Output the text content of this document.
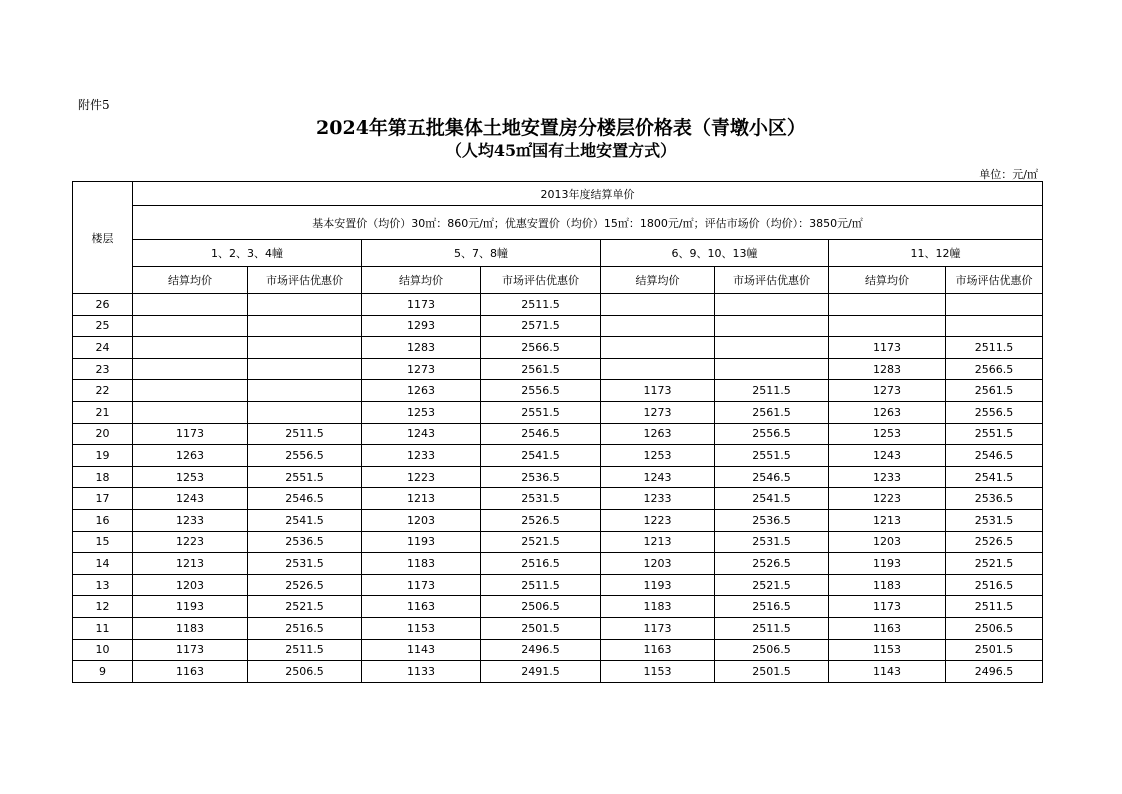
附件5
2024年第五批集体土地安置房分楼层价格表（青墩小区）
（人均45㎡国有土地安置方式）
单位：元/㎡
楼层	2013年度结算单价							
	基本安置价（均价）30㎡：860元/㎡；优惠安置价（均价）15㎡：1800元/㎡；评估市场价（均价）：3850元/㎡							
	1、2、3、4幢		5、7、8幢		6、9、10、13幢		11、12幢	
	结算均价	市场评估优惠价	结算均价	市场评估优惠价	结算均价	市场评估优惠价	结算均价	市场评估优惠价
26			1173	2511.5				
25			1293	2571.5				
24			1283	2566.5			1173	2511.5
23			1273	2561.5			1283	2566.5
22			1263	2556.5	1173	2511.5	1273	2561.5
21			1253	2551.5	1273	2561.5	1263	2556.5
20	1173	2511.5	1243	2546.5	1263	2556.5	1253	2551.5
19	1263	2556.5	1233	2541.5	1253	2551.5	1243	2546.5
18	1253	2551.5	1223	2536.5	1243	2546.5	1233	2541.5
17	1243	2546.5	1213	2531.5	1233	2541.5	1223	2536.5
16	1233	2541.5	1203	2526.5	1223	2536.5	1213	2531.5
15	1223	2536.5	1193	2521.5	1213	2531.5	1203	2526.5
14	1213	2531.5	1183	2516.5	1203	2526.5	1193	2521.5
13	1203	2526.5	1173	2511.5	1193	2521.5	1183	2516.5
12	1193	2521.5	1163	2506.5	1183	2516.5	1173	2511.5
11	1183	2516.5	1153	2501.5	1173	2511.5	1163	2506.5
10	1173	2511.5	1143	2496.5	1163	2506.5	1153	2501.5
9	1163	2506.5	1133	2491.5	1153	2501.5	1143	2496.5
